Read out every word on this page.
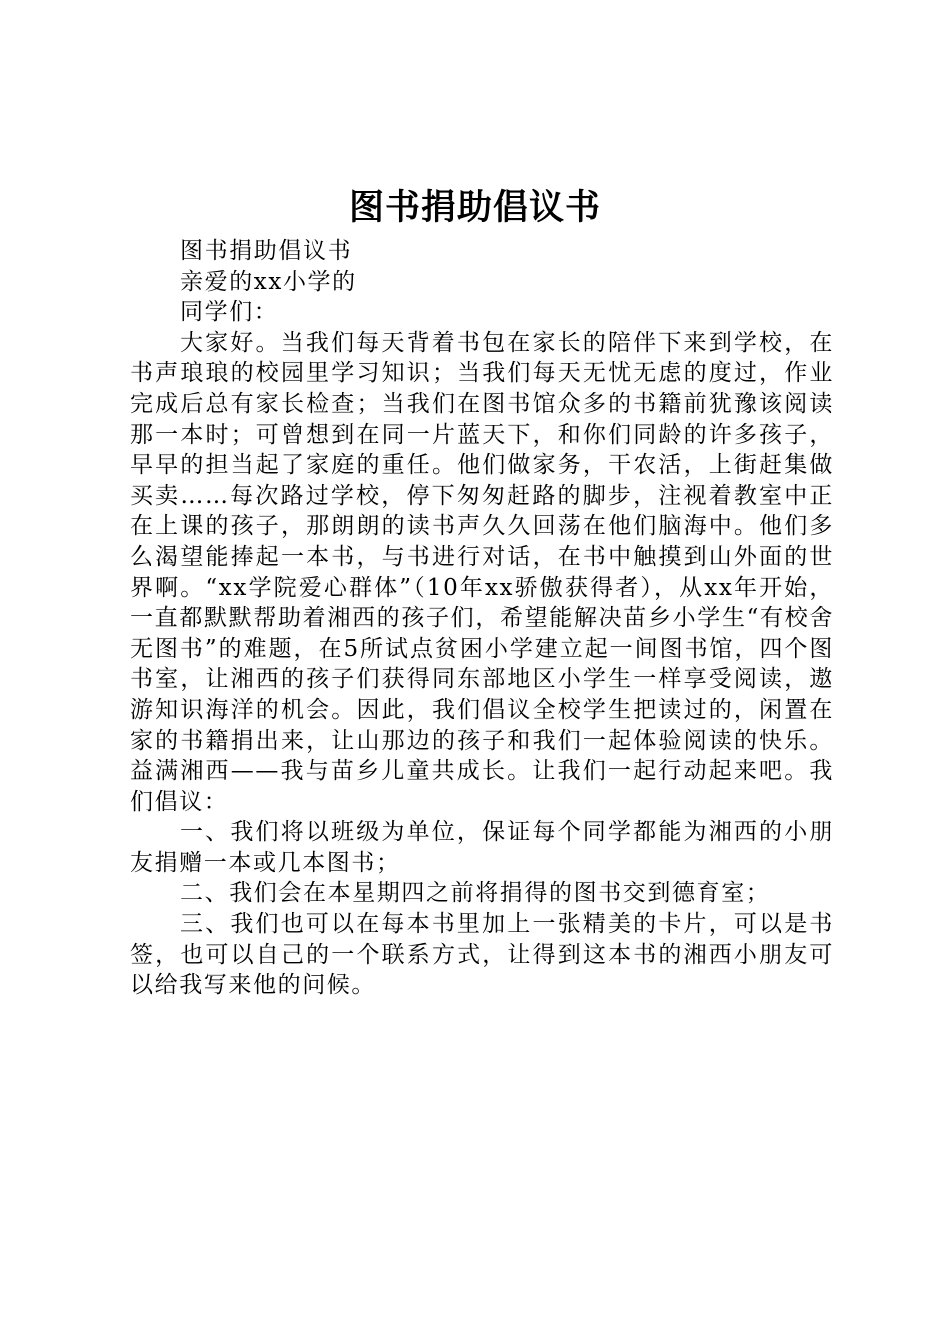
图书捐助倡议书

图书捐助倡议书

亲爱的xx小学的

同学们：

大家好。当我们每天背着书包在家长的陪伴下来到学校，在书声琅琅的校园里学习知识；当我们每天无忧无虑的度过，作业完成后总有家长检查；当我们在图书馆众多的书籍前犹豫该阅读那一本时；可曾想到在同一片蓝天下，和你们同龄的许多孩子，早早的担当起了家庭的重任。他们做家务，干农活，上街赶集做买卖……每次路过学校，停下匆匆赶路的脚步，注视着教室中正在上课的孩子，那朗朗的读书声久久回荡在他们脑海中。他们多么渴望能捧起一本书，与书进行对话，在书中触摸到山外面的世界啊。“xx学院爱心群体”（10年xx骄傲获得者），从xx年开始，一直都默默帮助着湘西的孩子们，希望能解决苗乡小学生“有校舍无图书”的难题，在5所试点贫困小学建立起一间图书馆，四个图书室，让湘西的孩子们获得同东部地区小学生一样享受阅读，遨游知识海洋的机会。因此，我们倡议全校学生把读过的，闲置在家的书籍捐出来，让山那边的孩子和我们一起体验阅读的快乐。益满湘西——我与苗乡儿童共成长。让我们一起行动起来吧。我们倡议：

一、我们将以班级为单位，保证每个同学都能为湘西的小朋友捐赠一本或几本图书；

二、我们会在本星期四之前将捐得的图书交到德育室；

三、我们也可以在每本书里加上一张精美的卡片，可以是书签，也可以自己的一个联系方式，让得到这本书的湘西小朋友可以给我写来他的问候。
